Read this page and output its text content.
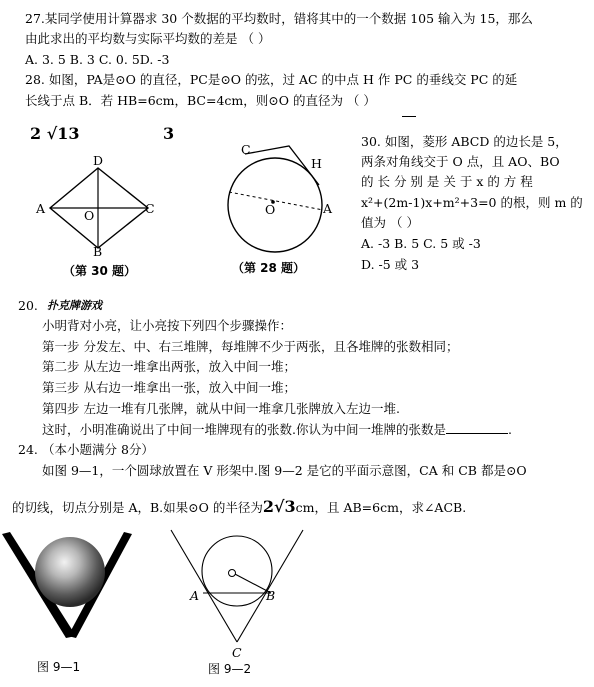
27.某同学使用计算器求 30 个数据的平均数时，错将其中的一个数据 105 输入为 15，那么
由此求出的平均数与实际平均数的差是 （ ）
A. 3. 5 B. 3 C. 0. 5D. -3
28. 如图，PA是⊙O 的直径，PC是⊙O 的弦，过 AC 的中点 H 作 PC 的垂线交 PC 的延
长线于点 B．若 HB=6cm，BC=4cm，则⊙O 的直径为 （ ）
2 √13	3
D
A	O	C
B
（第 30 题）
C
H
O	A
（第 28 题）
30. 如图，菱形 ABCD 的边长是 5，
两条对角线交于 O 点，且 AO、BO
的 长 分 别 是 关 于 x 的 方 程
x²+(2m-1)x+m²+3=0 的根，则 m 的
值为 （ ）
A. -3 B. 5 C. 5 或 -3
D. -5 或 3
20. 扑克牌游戏
小明背对小亮，让小亮按下列四个步骤操作：
第一步 分发左、中、右三堆牌，每堆牌不少于两张，且各堆牌的张数相同；
第二步 从左边一堆拿出两张，放入中间一堆；
第三步 从右边一堆拿出一张，放入中间一堆；
第四步 左边一堆有几张牌，就从中间一堆拿几张牌放入左边一堆.
这时，小明准确说出了中间一堆牌现有的张数.你认为中间一堆牌的张数是	.
24. （本小题满分 8分）
如图 9—1，一个圆球放置在 V 形架中.图 9—2 是它的平面示意图，CA 和 CB 都是⊙O
的切线，切点分别是 A，B.如果⊙O 的半径为2√3cm，且 AB=6cm，求∠ACB.
图 9—1
A	B
C
图 9—2
